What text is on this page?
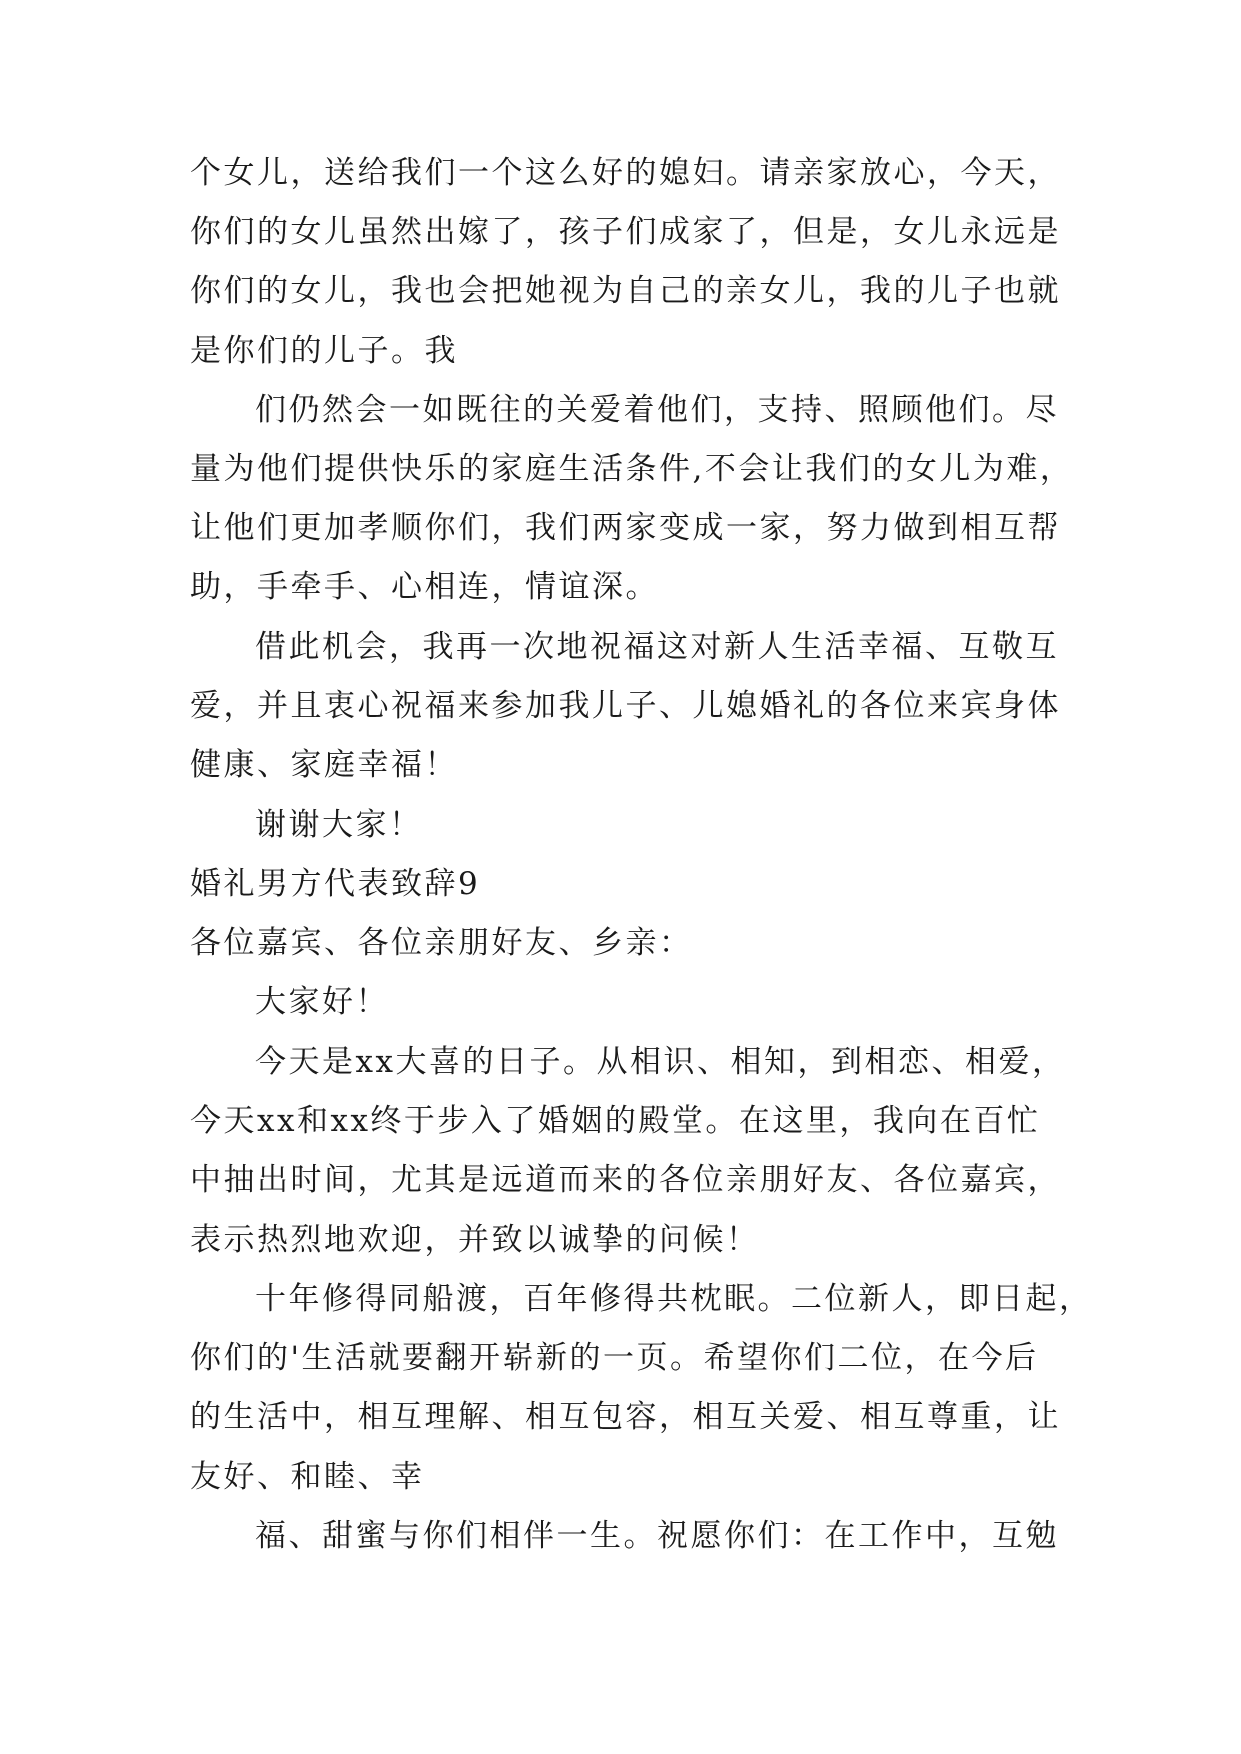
个女儿，送给我们一个这么好的媳妇。请亲家放心，今天，
你们的女儿虽然出嫁了，孩子们成家了，但是，女儿永远是
你们的女儿，我也会把她视为自己的亲女儿，我的儿子也就
是你们的儿子。我
们仍然会一如既往的关爱着他们，支持、照顾他们。尽
量为他们提供快乐的家庭生活条件,不会让我们的女儿为难，
让他们更加孝顺你们，我们两家变成一家，努力做到相互帮
助，手牵手、心相连，情谊深。
借此机会，我再一次地祝福这对新人生活幸福、互敬互
爱，并且衷心祝福来参加我儿子、儿媳婚礼的各位来宾身体
健康、家庭幸福！
谢谢大家！
婚礼男方代表致辞9
各位嘉宾、各位亲朋好友、乡亲：
大家好！
今天是xx大喜的日子。从相识、相知，到相恋、相爱，
今天xx和xx终于步入了婚姻的殿堂。在这里，我向在百忙
中抽出时间，尤其是远道而来的各位亲朋好友、各位嘉宾，
表示热烈地欢迎，并致以诚挚的问候！
十年修得同船渡，百年修得共枕眠。二位新人，即日起，
你们的'生活就要翻开崭新的一页。希望你们二位，在今后
的生活中，相互理解、相互包容，相互关爱、相互尊重，让
友好、和睦、幸
福、甜蜜与你们相伴一生。祝愿你们：在工作中，互勉
